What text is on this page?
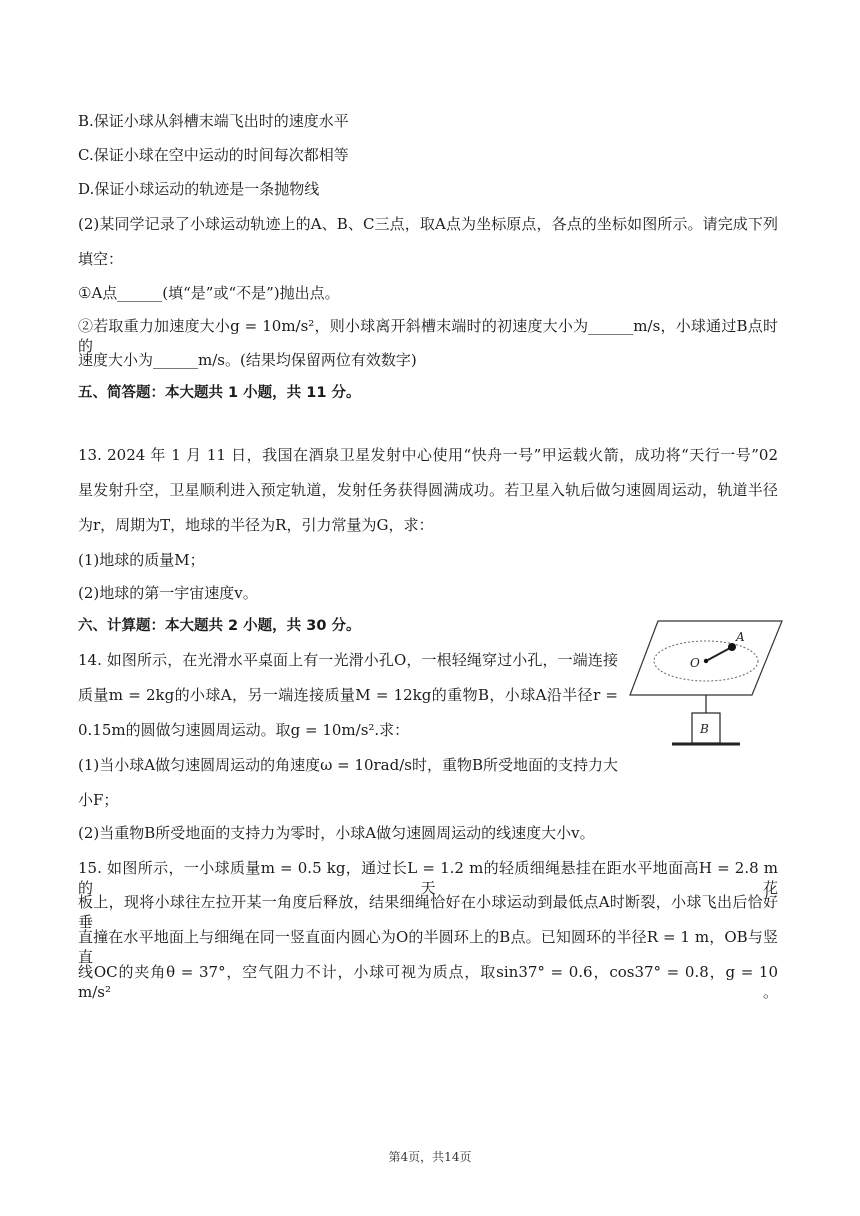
B.保证小球从斜槽末端飞出时的速度水平
C.保证小球在空中运动的时间每次都相等
D.保证小球运动的轨迹是一条抛物线
(2)某同学记录了小球运动轨迹上的A、B、C三点，取A点为坐标原点，各点的坐标如图所示。请完成下列
填空：
①A点______(填“是”或“不是”)抛出点。
②若取重力加速度大小g = 10m/s²，则小球离开斜槽末端时的初速度大小为______m/s，小球通过B点时的
速度大小为______m/s。(结果均保留两位有效数字)
五、简答题：本大题共 1 小题，共 11 分。
13. 2024 年 1 月 11 日，我国在酒泉卫星发射中心使用“快舟一号”甲运载火箭，成功将“天行一号”02
星发射升空，卫星顺利进入预定轨道，发射任务获得圆满成功。若卫星入轨后做匀速圆周运动，轨道半径
为r，周期为T，地球的半径为R，引力常量为G，求：
(1)地球的质量M；
(2)地球的第一宇宙速度v。
六、计算题：本大题共 2 小题，共 30 分。
14. 如图所示，在光滑水平桌面上有一光滑小孔O，一根轻绳穿过小孔，一端连接
质量m = 2kg的小球A，另一端连接质量M = 12kg的重物B，小球A沿半径r =
0.15m的圆做匀速圆周运动。取g = 10m/s².求：
(1)当小球A做匀速圆周运动的角速度ω = 10rad/s时，重物B所受地面的支持力大
小F；
(2)当重物B所受地面的支持力为零时，小球A做匀速圆周运动的线速度大小v。
15. 如图所示，一小球质量m = 0.5 kg，通过长L = 1.2 m的轻质细绳悬挂在距水平地面高H = 2.8 m的天花
板上，现将小球往左拉开某一角度后释放，结果细绳恰好在小球运动到最低点A时断裂，小球飞出后恰好垂
直撞在水平地面上与细绳在同一竖直面内圆心为O的半圆环上的B点。已知圆环的半径R = 1 m，OB与竖直
线OC的夹角θ = 37°，空气阻力不计，小球可视为质点，取sin37° = 0.6，cos37° = 0.8，g = 10 m/s²。
A
O
B
第4页，共14页
